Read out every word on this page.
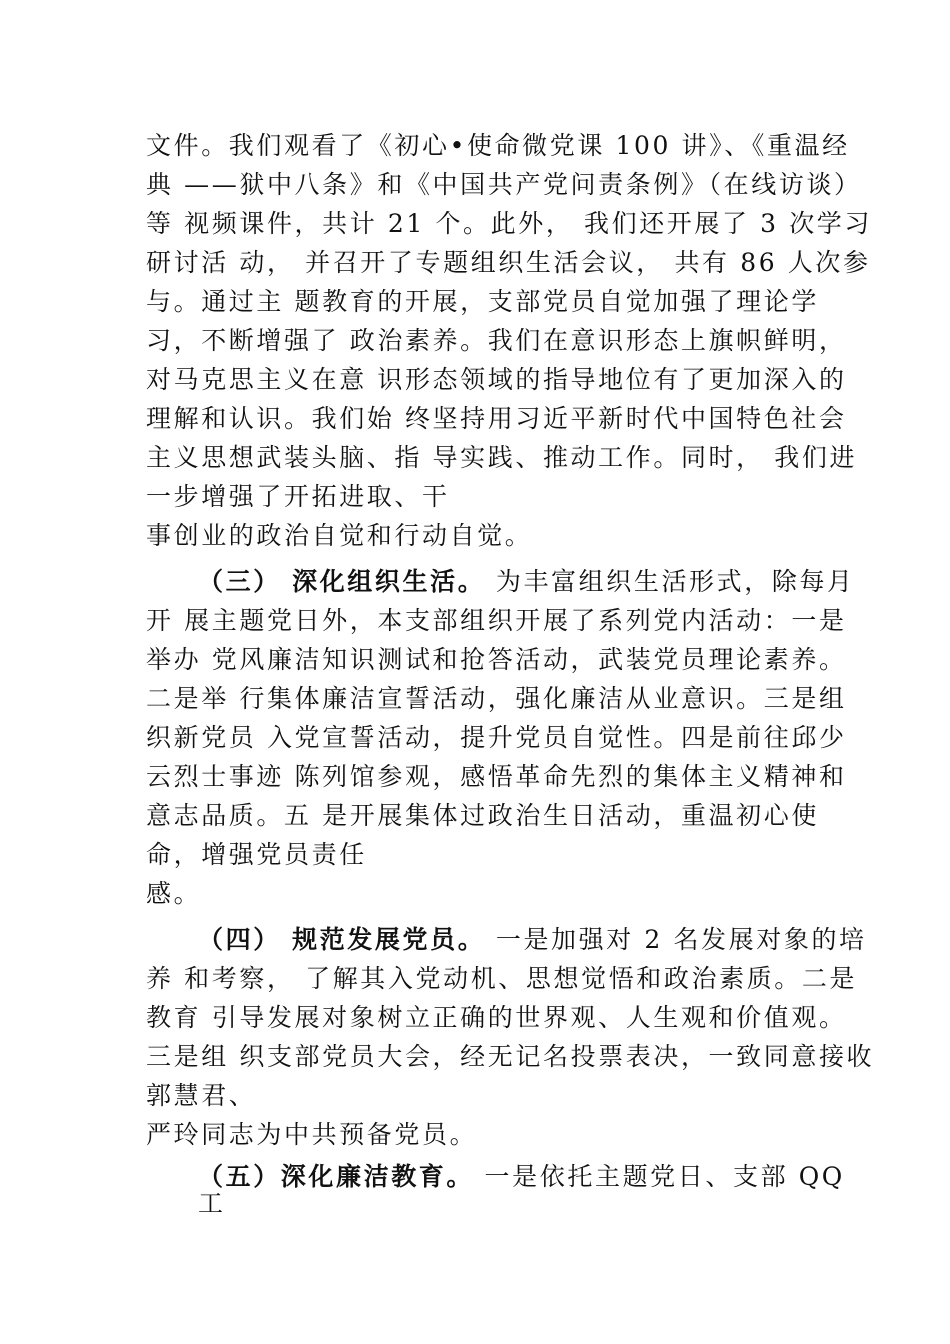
文件。我们观看了《初心•使命微党课 100 讲》、《重温经
典 ——狱中八条》和《中国共产党问责条例》（在线访谈）
等 视频课件，共计 21 个。此外， 我们还开展了 3 次学习
研讨活 动， 并召开了专题组织生活会议， 共有 86 人次参
与。通过主 题教育的开展，支部党员自觉加强了理论学
习，不断增强了 政治素养。我们在意识形态上旗帜鲜明，
对马克思主义在意 识形态领域的指导地位有了更加深入的
理解和认识。我们始 终坚持用习近平新时代中国特色社会
主义思想武装头脑、指 导实践、推动工作。同时， 我们进
一步增强了开拓进取、干
事创业的政治自觉和行动自觉。
（三） 深化组织生活。 为丰富组织生活形式，除每月
开 展主题党日外，本支部组织开展了系列党内活动：一是
举办 党风廉洁知识测试和抢答活动，武装党员理论素养。
二是举 行集体廉洁宣誓活动，强化廉洁从业意识。三是组
织新党员 入党宣誓活动，提升党员自觉性。四是前往邱少
云烈士事迹 陈列馆参观，感悟革命先烈的集体主义精神和
意志品质。五 是开展集体过政治生日活动，重温初心使
命，增强党员责任
感。
（四） 规范发展党员。 一是加强对 2 名发展对象的培
养 和考察， 了解其入党动机、思想觉悟和政治素质。二是
教育 引导发展对象树立正确的世界观、人生观和价值观。
三是组 织支部党员大会，经无记名投票表决，一致同意接收
郭慧君、
严玲同志为中共预备党员。
（五）深化廉洁教育。 一是依托主题党日、支部 QQ
工
